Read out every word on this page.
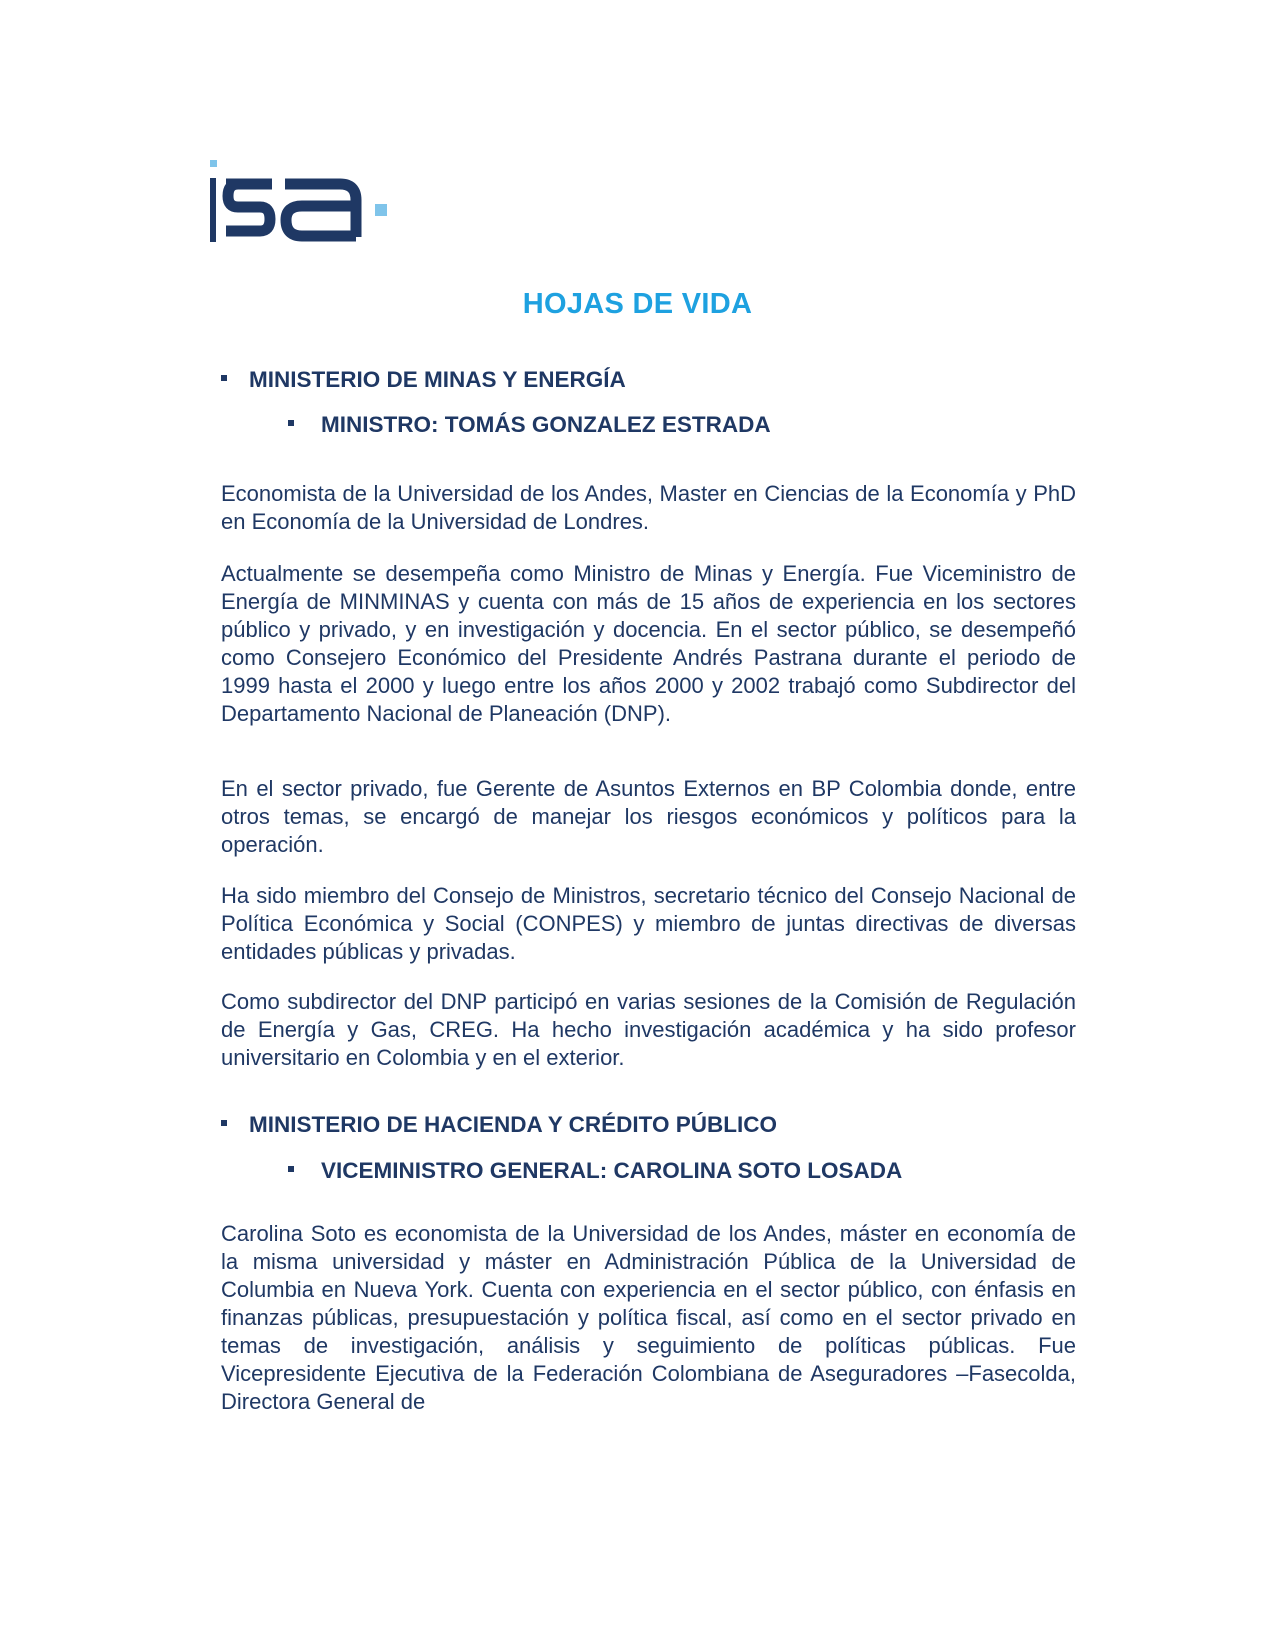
HOJAS DE VIDA
MINISTERIO DE MINAS Y ENERGÍA
MINISTRO: TOMÁS GONZALEZ ESTRADA

Economista de la Universidad de los Andes, Master en Ciencias de la Economía y PhD en Economía de la Universidad de Londres.

Actualmente se desempeña como Ministro de Minas y Energía. Fue Viceministro de Energía de MINMINAS y cuenta con más de 15 años de experiencia en los sectores público y privado, y en investigación y docencia. En el sector público, se desempeñó como Consejero Económico del Presidente Andrés Pastrana durante el periodo de 1999 hasta el 2000 y luego entre los años 2000 y 2002 trabajó como Subdirector del Departamento Nacional de Planeación (DNP).

En el sector privado, fue Gerente de Asuntos Externos en BP Colombia donde, entre otros temas, se encargó de manejar los riesgos económicos y políticos para la operación.

Ha sido miembro del Consejo de Ministros, secretario técnico del Consejo Nacional de Política Económica y Social (CONPES) y miembro de juntas directivas de diversas entidades públicas y privadas.

Como subdirector del DNP participó en varias sesiones de la Comisión de Regulación de Energía y Gas, CREG. Ha hecho investigación académica y ha sido profesor universitario en Colombia y en el exterior.

MINISTERIO DE HACIENDA Y CRÉDITO PÚBLICO
VICEMINISTRO GENERAL: CAROLINA SOTO LOSADA

Carolina Soto es economista de la Universidad de los Andes, máster en economía de la misma universidad y máster en Administración Pública de la Universidad de Columbia en Nueva York. Cuenta con experiencia en el sector público, con énfasis en finanzas públicas, presupuestación y política fiscal, así como en el sector privado en temas de investigación, análisis y seguimiento de políticas públicas. Fue Vicepresidente Ejecutiva de la Federación Colombiana de Aseguradores –Fasecolda, Directora General de
